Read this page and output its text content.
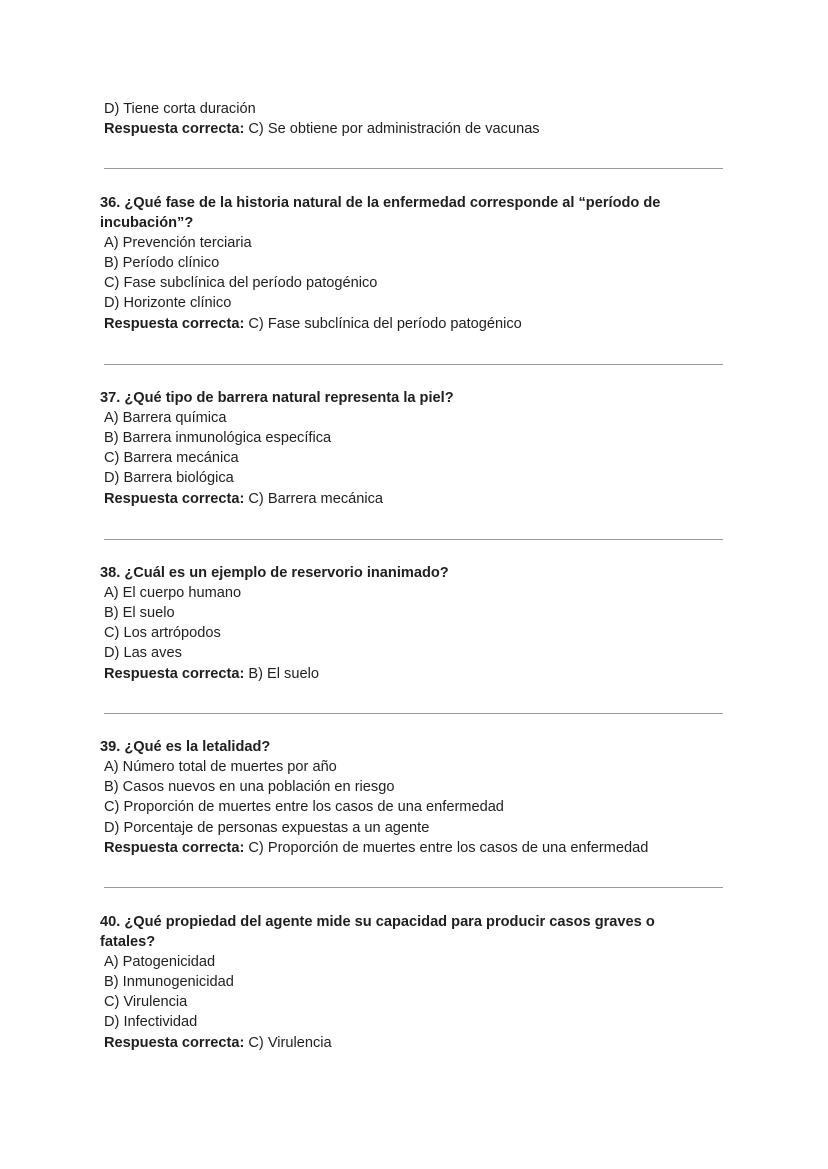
D) Tiene corta duración
Respuesta correcta: C) Se obtiene por administración de vacunas
36. ¿Qué fase de la historia natural de la enfermedad corresponde al “período de
incubación”?
A) Prevención terciaria
B) Período clínico
C) Fase subclínica del período patogénico
D) Horizonte clínico
Respuesta correcta: C) Fase subclínica del período patogénico
37. ¿Qué tipo de barrera natural representa la piel?
A) Barrera química
B) Barrera inmunológica específica
C) Barrera mecánica
D) Barrera biológica
Respuesta correcta: C) Barrera mecánica
38. ¿Cuál es un ejemplo de reservorio inanimado?
A) El cuerpo humano
B) El suelo
C) Los artrópodos
D) Las aves
Respuesta correcta: B) El suelo
39. ¿Qué es la letalidad?
A) Número total de muertes por año
B) Casos nuevos en una población en riesgo
C) Proporción de muertes entre los casos de una enfermedad
D) Porcentaje de personas expuestas a un agente
Respuesta correcta: C) Proporción de muertes entre los casos de una enfermedad
40. ¿Qué propiedad del agente mide su capacidad para producir casos graves o
fatales?
A) Patogenicidad
B) Inmunogenicidad
C) Virulencia
D) Infectividad
Respuesta correcta: C) Virulencia
